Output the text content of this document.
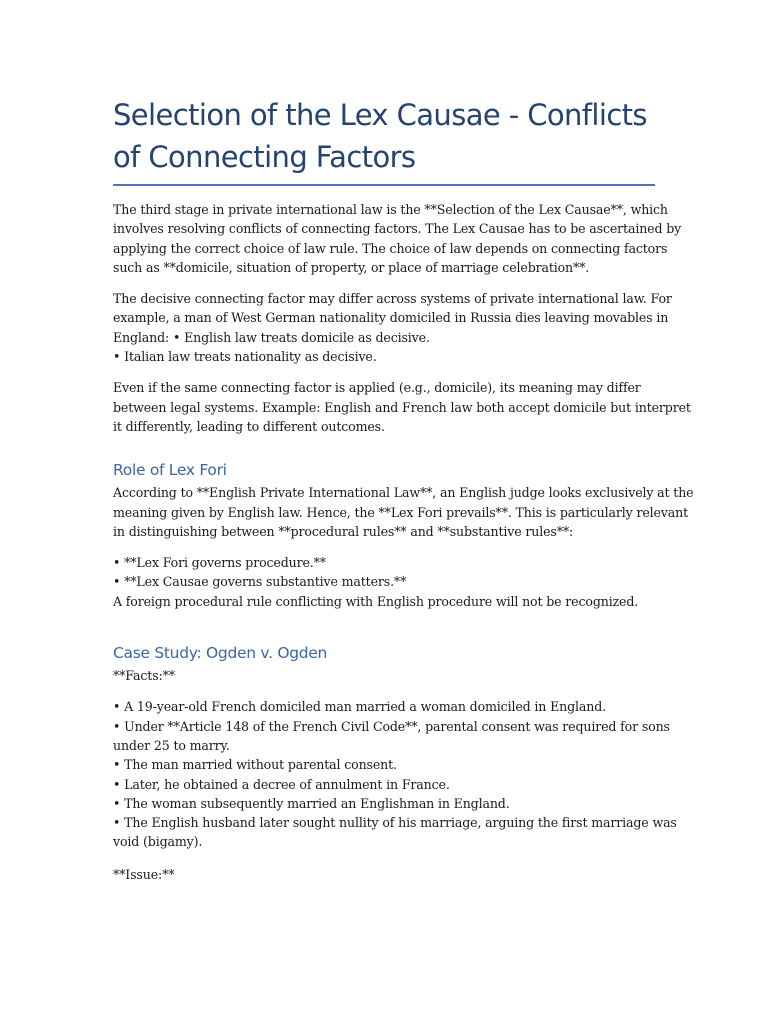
Selection of the Lex Causae - Conflicts
of Connecting Factors

The third stage in private international law is the **Selection of the Lex Causae**, which
involves resolving conflicts of connecting factors. The Lex Causae has to be ascertained by
applying the correct choice of law rule. The choice of law depends on connecting factors
such as **domicile, situation of property, or place of marriage celebration**.

The decisive connecting factor may differ across systems of private international law. For
example, a man of West German nationality domiciled in Russia dies leaving movables in
England: • English law treats domicile as decisive.
• Italian law treats nationality as decisive.

Even if the same connecting factor is applied (e.g., domicile), its meaning may differ
between legal systems. Example: English and French law both accept domicile but interpret
it differently, leading to different outcomes.

Role of Lex Fori

According to **English Private International Law**, an English judge looks exclusively at the
meaning given by English law. Hence, the **Lex Fori prevails**. This is particularly relevant
in distinguishing between **procedural rules** and **substantive rules**:

• **Lex Fori governs procedure.**
• **Lex Causae governs substantive matters.**
A foreign procedural rule conflicting with English procedure will not be recognized.

Case Study: Ogden v. Ogden

**Facts:**

• A 19-year-old French domiciled man married a woman domiciled in England.
• Under **Article 148 of the French Civil Code**, parental consent was required for sons
under 25 to marry.
• The man married without parental consent.
• Later, he obtained a decree of annulment in France.
• The woman subsequently married an Englishman in England.
• The English husband later sought nullity of his marriage, arguing the first marriage was
void (bigamy).

**Issue:**
